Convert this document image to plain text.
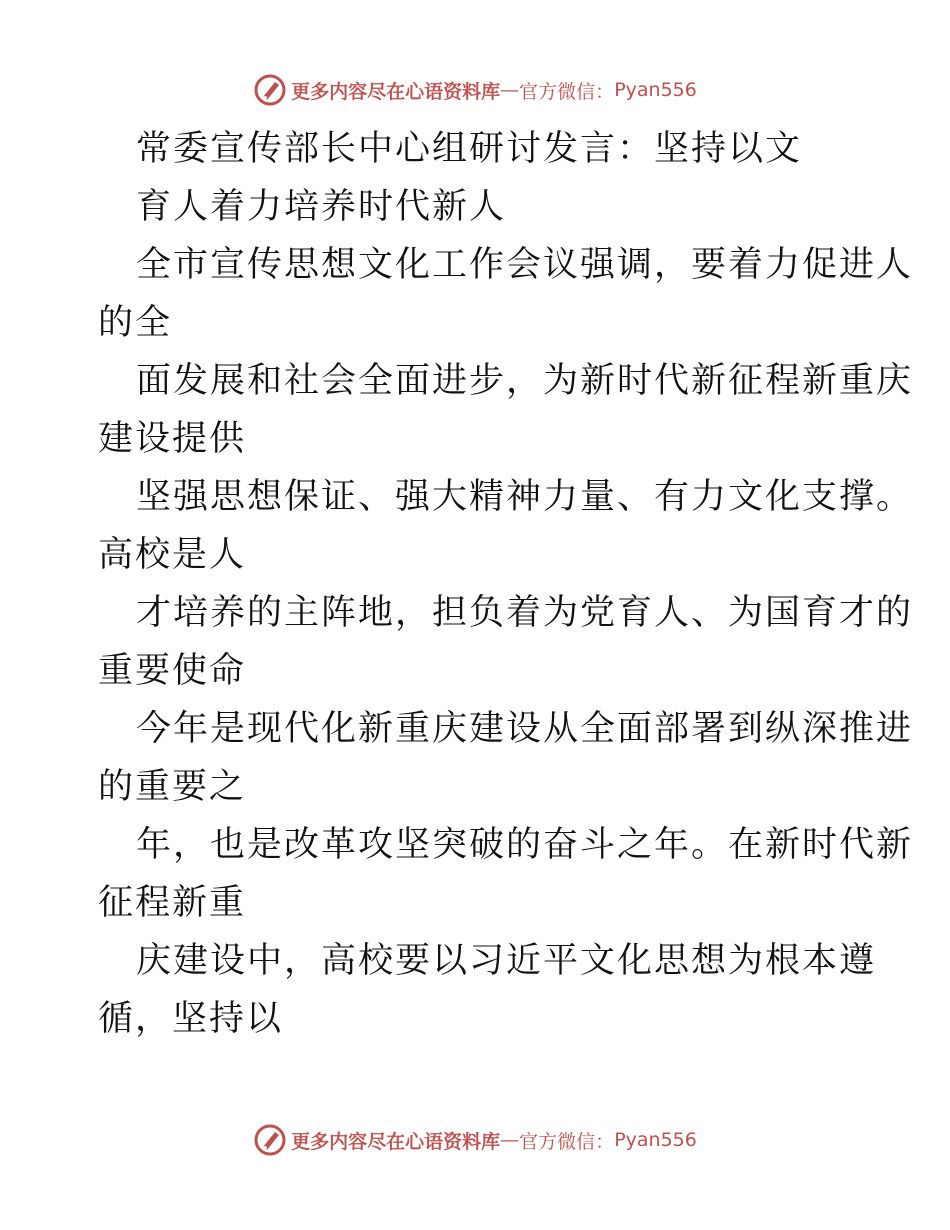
更多内容尽在心语资料库 — 官方微信： Pyan556
常委宣传部长中心组研讨发言：坚持以文
育人着力培养时代新人
全市宣传思想文化工作会议强调，要着力促进人
的全
面发展和社会全面进步，为新时代新征程新重庆
建设提供
坚强思想保证、强大精神力量、有力文化支撑。
高校是人
才培养的主阵地，担负着为党育人、为国育才的
重要使命
今年是现代化新重庆建设从全面部署到纵深推进
的重要之
年，也是改革攻坚突破的奋斗之年。在新时代新
征程新重
庆建设中，高校要以习近平文化思想为根本遵
循，坚持以
更多内容尽在心语资料库 — 官方微信： Pyan556
